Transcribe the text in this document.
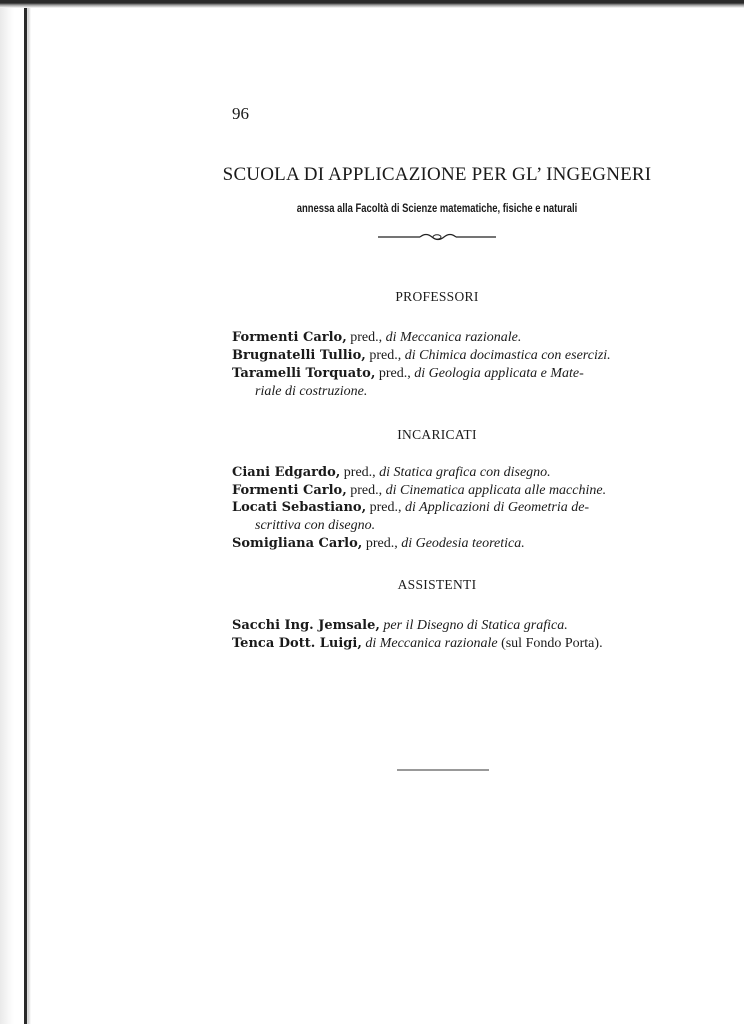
96
SCUOLA DI APPLICAZIONE PER GL’ INGEGNERI
annessa alla Facoltà di Scienze matematiche, fisiche e naturali
PROFESSORI
Formenti Carlo, pred., di Meccanica razionale.
Brugnatelli Tullio, pred., di Chimica docimastica con esercizi.
Taramelli Torquato, pred., di Geologia applicata e Mate-
riale di costruzione.
INCARICATI
Ciani Edgardo, pred., di Statica grafica con disegno.
Formenti Carlo, pred., di Cinematica applicata alle macchine.
Locati Sebastiano, pred., di Applicazioni di Geometria de-
scrittiva con disegno.
Somigliana Carlo, pred., di Geodesia teoretica.
ASSISTENTI
Sacchi Ing. Jemsale, per il Disegno di Statica grafica.
Tenca Dott. Luigi, di Meccanica razionale (sul Fondo Porta).
